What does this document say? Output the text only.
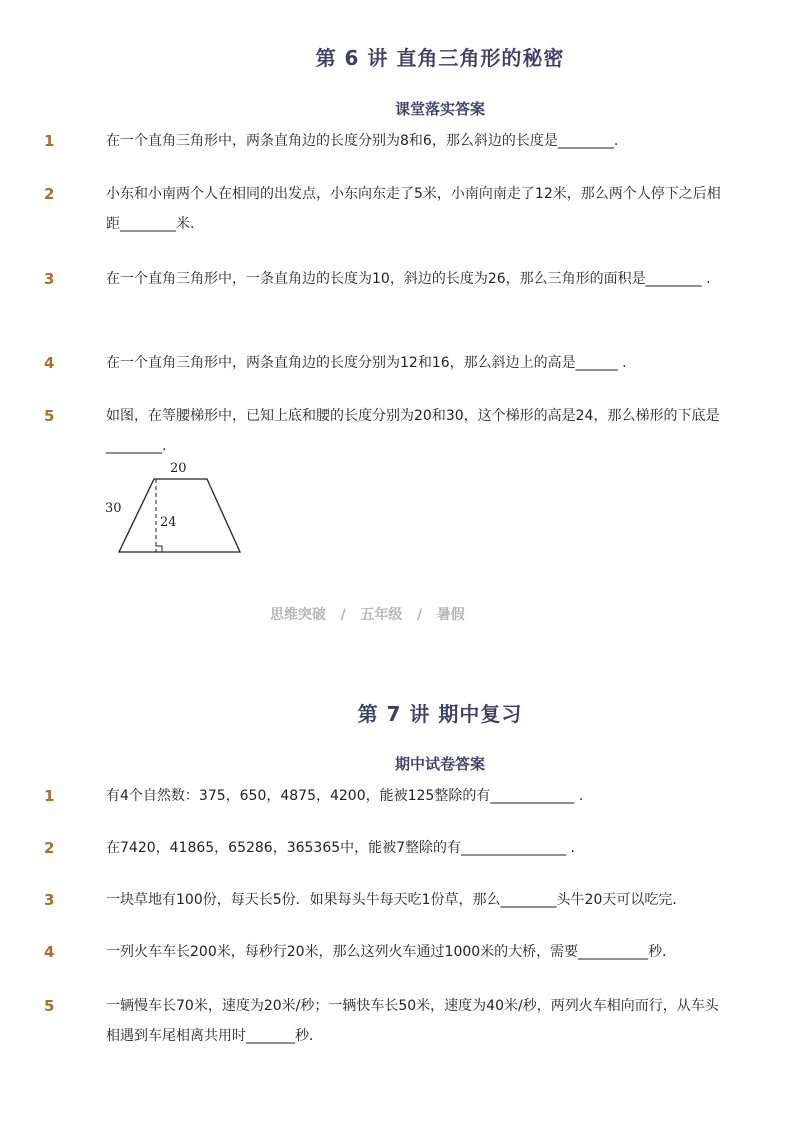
第 6 讲 直角三角形的秘密
课堂落实答案
1	在一个直角三角形中，两条直角边的长度分别为8和6，那么斜边的长度是________.
2	小东和小南两个人在相同的出发点，小东向东走了5米，小南向南走了12米，那么两个人停下之后相距________米.
3	在一个直角三角形中，一条直角边的长度为10，斜边的长度为26，那么三角形的面积是________ .
4	在一个直角三角形中，两条直角边的长度分别为12和16，那么斜边上的高是______ .
5	如图，在等腰梯形中，已知上底和腰的长度分别为20和30，这个梯形的高是24，那么梯形的下底是________.
20
30
24
思维突破 / 五年级 / 暑假
第 7 讲 期中复习
期中试卷答案
1	有4个自然数：375，650，4875，4200，能被125整除的有____________ .
2	在7420，41865，65286，365365中，能被7整除的有_______________ .
3	一块草地有100份，每天长5份．如果每头牛每天吃1份草，那么________头牛20天可以吃完．
4	一列火车车长200米，每秒行20米，那么这列火车通过1000米的大桥，需要__________秒．
5	一辆慢车长70米，速度为20米/秒；一辆快车长50米，速度为40米/秒，两列火车相向而行，从车头相遇到车尾相离共用时_______秒．
